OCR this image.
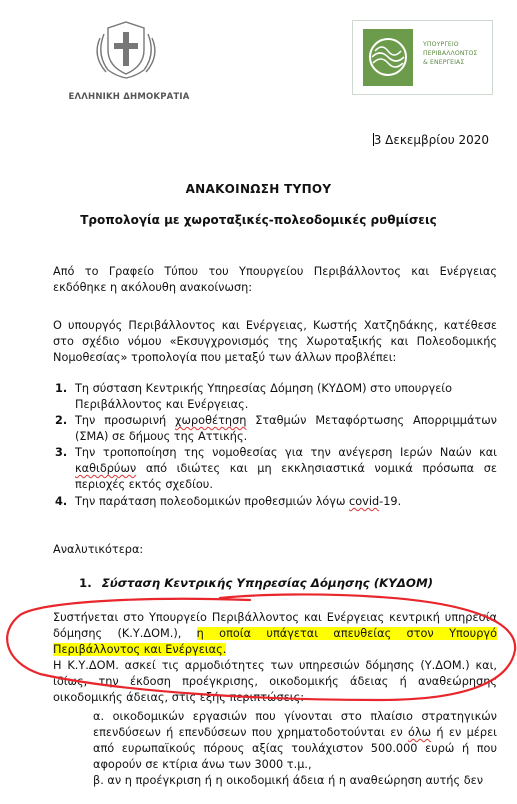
ΕΛΛΗΝΙΚΗ ΔΗΜΟΚΡΑΤΙΑ
ΥΠΟΥΡΓΕΙΟ
ΠΕΡΙΒΑΛΛΟΝΤΟΣ
& ΕΝΕΡΓΕΙΑΣ
3 Δεκεμβρίου 2020
ΑΝΑΚΟΙΝΩΣΗ ΤΥΠΟΥ
Τροπολογία με χωροταξικές-πολεοδομικές ρυθμίσεις
Από το Γραφείο Τύπου του Υπουργείου Περιβάλλοντος και Ενέργειας εκδόθηκε η ακόλουθη ανακοίνωση:
Ο υπουργός Περιβάλλοντος και Ενέργειας, Κωστής Χατζηδάκης, κατέθεσε στο σχέδιο νόμου «Εκσυγχρονισμός της Χωροταξικής και Πολεοδομικής Νομοθεσίας» τροπολογία που μεταξύ των άλλων προβλέπει:
1. Τη σύσταση Κεντρικής Υπηρεσίας Δόμηση (ΚΥΔΟΜ) στο υπουργείο Περιβάλλοντος και Ενέργειας.
2. Την προσωρινή χωροθέτηση Σταθμών Μεταφόρτωσης Απορριμμάτων (ΣΜΑ) σε δήμους της Αττικής.
3. Την τροποποίηση της νομοθεσίας για την ανέγερση Ιερών Ναών και καθιδρύων από ιδιώτες και μη εκκλησιαστικά νομικά πρόσωπα σε περιοχές εκτός σχεδίου.
4. Την παράταση πολεοδομικών προθεσμιών λόγω covid-19.
Αναλυτικότερα:
1. Σύσταση Κεντρικής Υπηρεσίας Δόμησης (ΚΥΔΟΜ)
Συστήνεται στο Υπουργείο Περιβάλλοντος και Ενέργειας κεντρική υπηρεσία δόμησης (Κ.Υ.ΔΟΜ.), η οποία υπάγεται απευθείας στον Υπουργό Περιβάλλοντος και Ενέργειας.
Η Κ.Υ.ΔΟΜ. ασκεί τις αρμοδιότητες των υπηρεσιών δόμησης (Υ.ΔΟΜ.) και, ιδίως, την έκδοση προέγκρισης, οικοδομικής άδειας ή αναθεώρησης οικοδομικής άδειας, στις εξής περιπτώσεις:
α. οικοδομικών εργασιών που γίνονται στο πλαίσιο στρατηγικών επενδύσεων ή επενδύσεων που χρηματοδοτούνται εν όλω ή εν μέρει από ευρωπαϊκούς πόρους αξίας τουλάχιστον 500.000 ευρώ ή που αφορούν σε κτίρια άνω των 3000 τ.μ.,
β. αν η προέγκριση ή η οικοδομική άδεια ή η αναθεώρηση αυτής δεν
